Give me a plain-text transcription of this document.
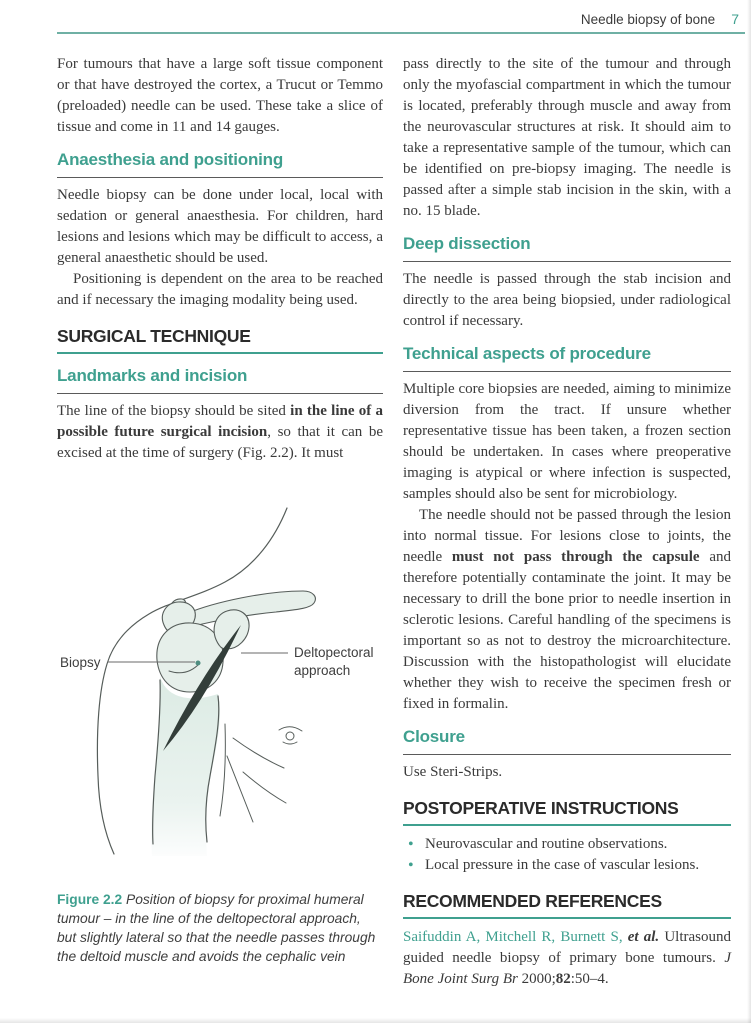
Needle biopsy of bone 7

For tumours that have a large soft tissue component or that have destroyed the cortex, a Trucut or Temmo (preloaded) needle can be used. These take a slice of tissue and come in 11 and 14 gauges.

Anaesthesia and positioning

Needle biopsy can be done under local, local with sedation or general anaesthesia. For children, hard lesions and lesions which may be difficult to access, a general anaesthetic should be used.

Positioning is dependent on the area to be reached and if necessary the imaging modality being used.

SURGICAL TECHNIQUE
Landmarks and incision

The line of the biopsy should be sited in the line of a possible future surgical incision, so that it can be excised at the time of surgery (Fig. 2.2). It must

Biopsy
Deltopectoral
approach

Figure 2.2 Position of biopsy for proximal humeral tumour – in the line of the deltopectoral approach, but slightly lateral so that the needle passes through the deltoid muscle and avoids the cephalic vein

pass directly to the site of the tumour and through only the myofascial compartment in which the tumour is located, preferably through muscle and away from the neurovascular structures at risk. It should aim to take a representative sample of the tumour, which can be identified on pre-biopsy imaging. The needle is passed after a simple stab incision in the skin, with a no. 15 blade.

Deep dissection

The needle is passed through the stab incision and directly to the area being biopsied, under radiological control if necessary.

Technical aspects of procedure

Multiple core biopsies are needed, aiming to minimize diversion from the tract. If unsure whether representative tissue has been taken, a frozen section should be undertaken. In cases where preoperative imaging is atypical or where infection is suspected, samples should also be sent for microbiology.

The needle should not be passed through the lesion into normal tissue. For lesions close to joints, the needle must not pass through the capsule and therefore potentially contaminate the joint. It may be necessary to drill the bone prior to needle insertion in sclerotic lesions. Careful handling of the specimens is important so as not to destroy the microarchitecture. Discussion with the histopathologist will elucidate whether they wish to receive the specimen fresh or fixed in formalin.

Closure

Use Steri-Strips.

POSTOPERATIVE INSTRUCTIONS
• Neurovascular and routine observations.
• Local pressure in the case of vascular lesions.
RECOMMENDED REFERENCES

Saifuddin A, Mitchell R, Burnett S, et al. Ultrasound guided needle biopsy of primary bone tumours. J Bone Joint Surg Br 2000;82:50–4.
